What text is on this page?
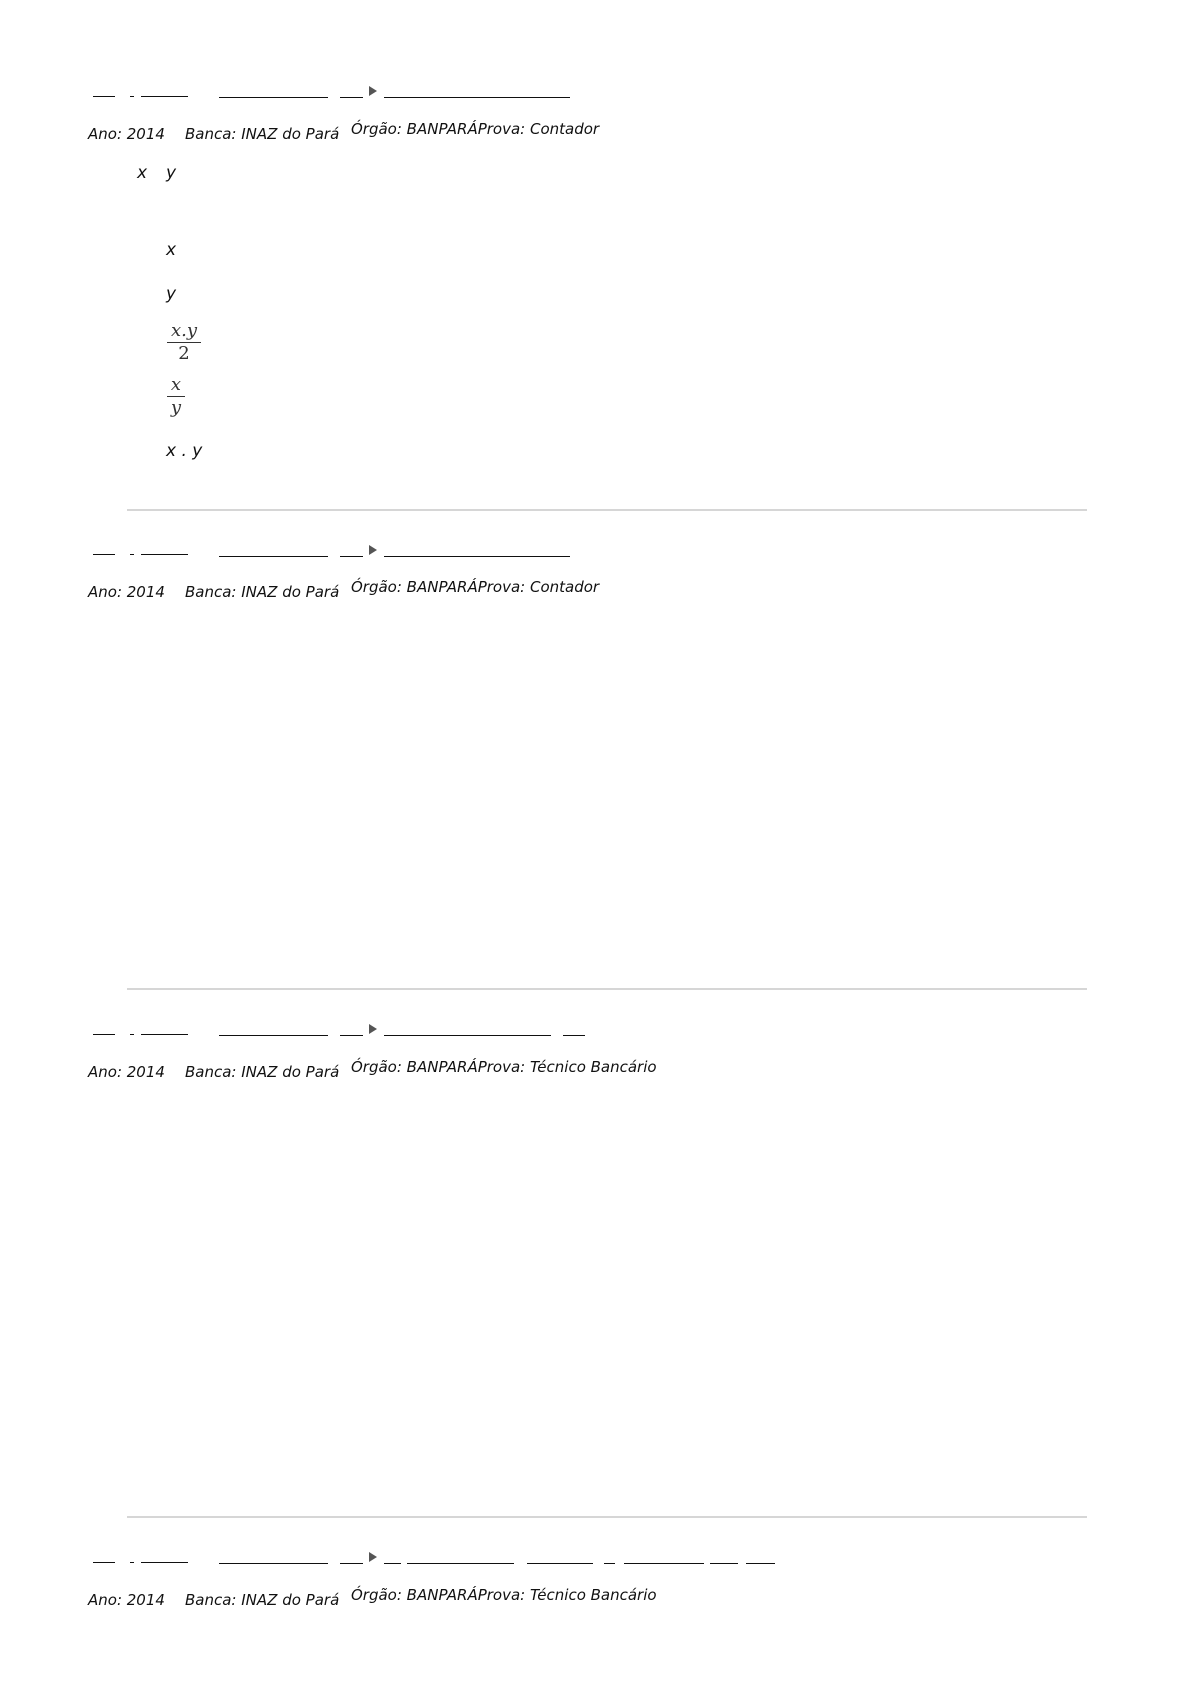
Ano: 2014 Banca: INAZ do Pará Órgão: BANPARÁProva: Contador
x y
x
y
x.y
2
x
y
x . y
Ano: 2014 Banca: INAZ do Pará Órgão: BANPARÁProva: Contador
Ano: 2014 Banca: INAZ do Pará Órgão: BANPARÁProva: Técnico Bancário
Ano: 2014 Banca: INAZ do Pará Órgão: BANPARÁProva: Técnico Bancário
